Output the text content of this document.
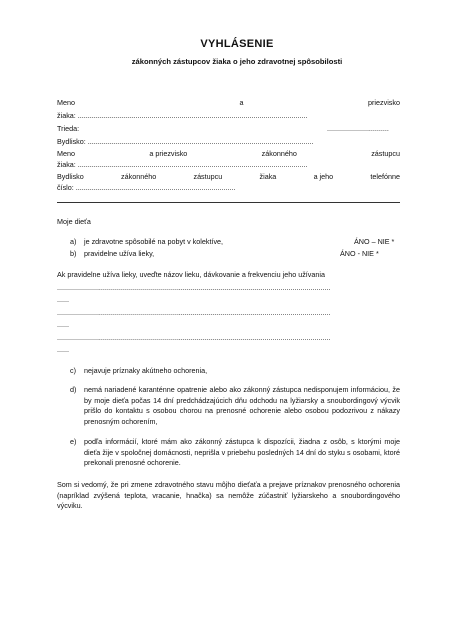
VYHLÁSENIE
zákonných zástupcov žiaka o jeho zdravotnej spôsobilosti
Meno	a	priezvisko
žiaka: ...................................................................................................................
Trieda:	...............................
Bydlisko: .................................................................................................................
Meno	a priezvisko	zákonného	zástupcu
žiaka: ...................................................................................................................
Bydlisko	zákonného	zástupcu	žiaka	a jeho	telefónne
číslo: ................................................................................
Moje dieťa
a) je zdravotne spôsobilé na pobyt v kolektíve,	ÁNO – NIE *
b) pravidelne užíva lieky,	ÁNO - NIE *
Ak pravidelne užíva lieky, uveďte názov lieku, dávkovanie a frekvenciu jeho užívania
.........................................................................................................................................
......
.........................................................................................................................................
......
.........................................................................................................................................
......
c) nejavuje príznaky akútneho ochorenia,
d) nemá nariadené karanténne opatrenie alebo ako zákonný zástupca nedisponujem informáciou, že by moje dieťa počas 14 dní predchádzajúcich dňu odchodu na lyžiarsky a snoubordingový výcvik prišlo do kontaktu s osobou chorou na prenosné ochorenie alebo osobou podozrivou z nákazy prenosným ochorením,
e) podľa informácií, ktoré mám ako zákonný zástupca k dispozícii, žiadna z osôb, s ktorými moje dieťa žije v spoločnej domácnosti, neprišla v priebehu posledných 14 dní do styku s osobami, ktoré prekonali prenosné ochorenie.
Som si vedomý, že pri zmene zdravotného stavu môjho dieťaťa a prejave príznakov prenosného ochorenia (napríklad zvýšená teplota, vracanie, hnačka) sa nemôže zúčastniť lyžiarskeho a snoubordingového výcviku.
